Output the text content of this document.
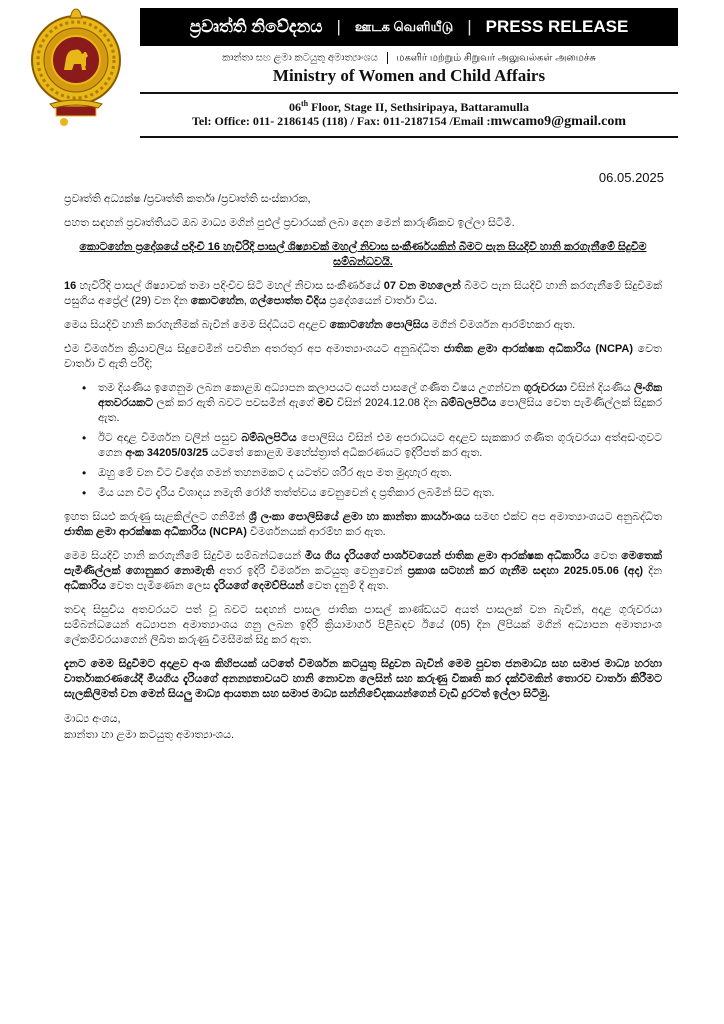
ප්‍රවෘත්ති නිවේදනය | ஊடக வெளியீடு | PRESS RELEASE
කාන්තා සහ ළමා කටයුතු අමාත්‍යාංශය மகளிர் மற்றும் சிறுவர் அலுவல்கள் அமைச்சு
Ministry of Women and Child Affairs
06th Floor, Stage II, Sethsiripaya, Battaramulla
Tel: Office: 011- 2186145 (118) / Fax: 011-2187154 /Email :mwcamo9@gmail.com
06.05.2025

ප්‍රවෘත්ති අධ්‍යක්ෂ /ප්‍රවෘත්ති කර්තෘ /ප්‍රවෘත්ති සංස්කාරක,

පහත සඳහන් ප්‍රවෘත්තියට ඔබ මාධ්‍ය මගින් පුළුල් ප්‍රචාරයක් ලබා දෙන මෙන් කාරුණිකව ඉල්ලා සිටිමි.

කොටහේන ප්‍රදේශයේ පදිංචි 16 හැවිරිදි පාසල් ශිෂ්‍යාවක් මහල් නිවාස සංකීර්ණයකින් බිමට පැන සියදිවි හානි කරගැනීමේ සිදුවීම සම්බන්ධවයි.

16 හැවිරිදි පාසල් ශිෂ්‍යාවක් තමා පදිංචිව සිටි මහල් නිවාස සංකීර්ණයේ 07 වන මහලෙන් බිමට පැන සියදිවි හානි කරගැනීමේ සිදුවීමක් පසුගිය අප්‍රේල් (29) වන දින කොටහේන, ගල්පොත්ත වීදිය ප්‍රදේශයෙන් වාර්තා විය.

මෙය සියදිවි හානි කරගැනීමක් බැවින් මෙම සිද්ධියට අදාළව කොටහේන පොලිසිය මගින් විමර්ශන ආරම්භකර ඇත.

එම විමර්ශන ක්‍රියාවලිය සිදුවෙමින් පවතින අතරතුර අප අමාත්‍යාංශයට අනුබද්ධිත ජාතික ළමා ආරක්ෂක අධිකාරිය (NCPA) වෙත වාර්තා වී ඇති පරිදි;

• තම දියණිය ඉගෙනුම ලබන කොළඹ අධ්‍යාපන කලාපයට අයත් පාසලේ ගණිත විෂය උගන්වන ගුරුවරයා විසින් දියණිය ලිංගික අතවරයකට ලක් කර ඇති බවට පවසමින් ඇගේ මව විසින් 2024.12.08 දින බම්බලපිටිය පොලිසිය වෙත පැමිණිල්ලක් සිදුකර ඇත.
• ඊට අදාළ විමර්ශන වලින් පසුව බම්බලපිටිය පොලිසිය විසින් එම අපරාධයට අදාළව සැකකාර ගණිත ගුරුවරයා අත්අඩංගුවට ගෙන අංක 34205/03/25 යටතේ කොළඹ මහේස්ත්‍රාත් අධිකරණයට ඉදිරිපත් කර ඇත.
• ඔහු මේ වන විට විදේශ ගමන් තහනමකට ද යටත්ව ශරීර ඇප මත මුදාහැර ඇත.
• මිය යන විට දැරිය විශාදය නමැති රෝගී තත්ත්වය වෙනුවෙන් ද ප්‍රතිකාර ලබමින් සිට ඇත.

ඉහත සියළු කරුණු සැළකිල්ලට ගනිමින් ශ්‍රී ලංකා පොලිසියේ ළමා හා කාන්තා කාර්යාංශය සමඟ එක්ව අප අමාත්‍යාංශයට අනුබද්ධිත ජාතික ළමා ආරක්ෂක අධිකාරිය (NCPA) විමර්ශනයක් ආරම්භ කර ඇත.

මෙම සියදිවි හානි කරගැනීමේ සිදුවීම සම්බන්ධයෙන් මිය ගිය දැරියගේ පාර්ශවයෙන් ජාතික ළමා ආරක්ෂක අධිකාරිය වෙත මෙතෙක් පැමිණිල්ලක් ගොනුකර නොමැති අතර ඉදිරි විමර්ශන කටයුතු වෙනුවෙන් ප්‍රකාශ සටහන් කර ගැනීම සඳහා 2025.05.06 (අද) දින අධිකාරිය වෙත පැමිණෙන ලෙස දැරියගේ දෙමව්පියන් වෙත දැනුම් දී ඇත.

තවද සිසුවිය අතවරයට පත් වූ බවට සඳහන් පාසල ජාතික පාසල් කාණ්ඩයට අයත් පාසලක් වන බැවින්, අදාළ ගුරුවරයා සම්බන්ධයෙන් අධ්‍යාපන අමාත්‍යාංශය ගනු ලබන ඉදිරි ක්‍රියාමාර්ග පිළිබඳව ඊයේ (05) දින ලිපියක් මගින් අධ්‍යාපන අමාත්‍යාංශ ලේකම්වරයාගෙන් ලිඛිත කරුණු විමසීමක් සිදු කර ඇත.

දැනට මෙම සිදුවීමට අදාළව අංශ කිහිපයක් යටතේ විමර්ශන කටයුතු සිදුවන බැවින් මෙම පුවත ජනමාධ්‍ය සහ සමාජ මාධ්‍ය හරහා වාර්තාකරණයේදී මියගිය දැරියගේ අනන්‍යතාවයට හානි නොවන ලෙසින් සහ කරුණු විකෘති කර දැක්වීමකින් තොරව වාර්තා කිරීමට සැලකිලිමත් වන මෙන් සියලු මාධ්‍ය ආයතන සහ සමාජ මාධ්‍ය සන්නිවේදකයන්ගෙන් වැඩි දුරටත් ඉල්ලා සිටිමු.

මාධ්‍ය අංශය,
කාන්තා හා ළමා කටයුතු අමාත්‍යාංශය.
